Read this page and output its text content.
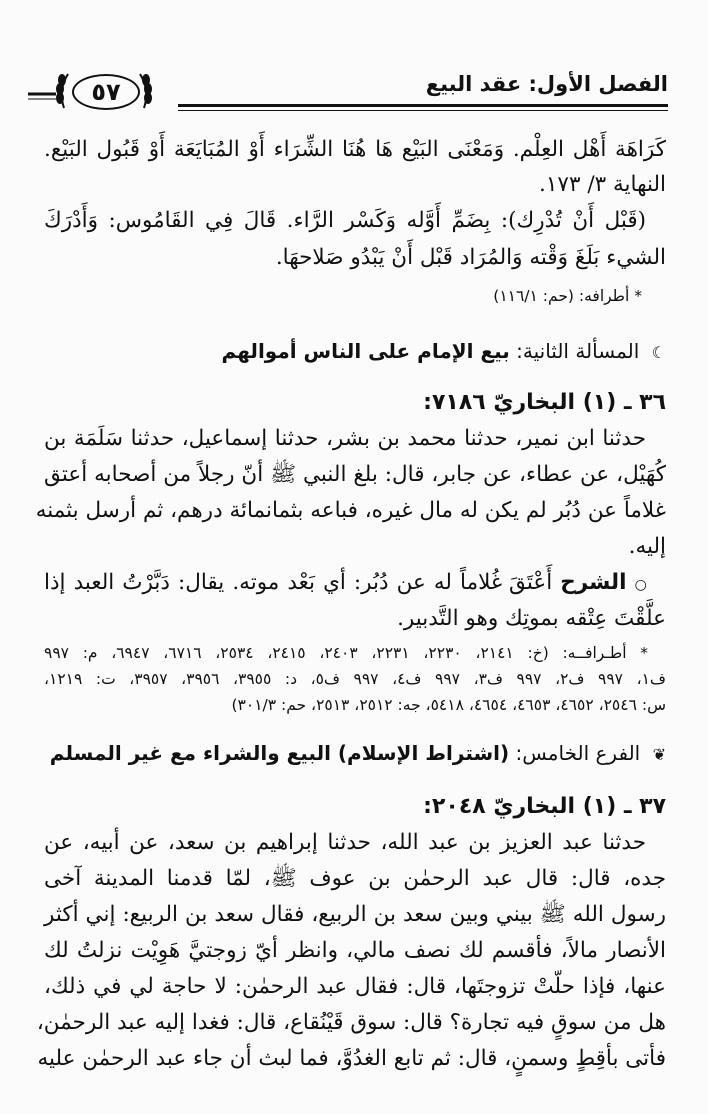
الفصل الأول: عقد البيع
٥٧
كَرَاهَة أَهْل العِلْم. وَمَعْنَى البَيْع هَا هُنَا الشِّرَاء أَوْ المُبَايَعَة أَوْ قَبُول البَيْع.
النهاية ٣/ ١٧٣.
(قَبْل أَنْ تُدْرِك): بِضَمِّ أَوَّله وَكَسْر الرَّاء. قَالَ فِي القَامُوس: وَأَدْرَكَ
الشيء بَلَغَ وَقْته وَالمُرَاد قَبْل أَنْ يَبْدُو صَلاحهَا.
* أطرافه: (حم: ١١٦/١)
☾ المسألة الثانية: بيع الإمام على الناس أموالهم
٣٦ ـ (١) البخاريّ ٧١٨٦:
حدثنا ابن نمير، حدثنا محمد بن بشر، حدثنا إسماعيل، حدثنا سَلَمَة بن
كُهَيْل، عن عطاء، عن جابر، قال: بلغ النبي ﷺ أنّ رجلاً من أصحابه أعتق
غلاماً عن دُبُر لم يكن له مال غيره، فباعه بثمانمائة درهم، ثم أرسل بثمنه
إليه.
○ الشرح أَعْتَقَ غُلاماً له عن دُبُر: أي بَعْد موته. يقال: دَبَّرْتُ العبد إذا
علَّقْتَ عِتْقه بموتِك وهو التَّدبير.
* أطـرافــه: (خ: ٢١٤١، ٢٢٣٠، ٢٢٣١، ٢٤٠٣، ٢٤١٥، ٢٥٣٤، ٦٧١٦، ٦٩٤٧، م: ٩٩٧
ف١، ٩٩٧ ف٢، ٩٩٧ ف٣، ٩٩٧ ف٤، ٩٩٧ ف٥، د: ٣٩٥٥، ٣٩٥٦، ٣٩٥٧، ت: ١٢١٩،
س: ٢٥٤٦، ٤٦٥٢، ٤٦٥٣، ٤٦٥٤، ٥٤١٨، جه: ٢٥١٢، ٢٥١٣، حم: ٣٠١/٣)
❦ الفرع الخامس: (اشتراط الإسلام) البيع والشراء مع غير المسلم
٣٧ ـ (١) البخاريّ ٢٠٤٨:
حدثنا عبد العزيز بن عبد الله، حدثنا إبراهيم بن سعد، عن أبيه، عن
جده، قال: قال عبد الرحمٰن بن عوف ﷺ، لمّا قدمنا المدينة آخى
رسول الله ﷺ بيني وبين سعد بن الربيع، فقال سعد بن الربيع: إني أكثر
الأنصار مالاً، فأقسم لك نصف مالي، وانظر أيّ زوجتيَّ هَوِيْت نزلتُ لك
عنها، فإذا حلّتْ تزوجتَها، قال: فقال عبد الرحمٰن: لا حاجة لي في ذلك،
هل من سوقٍ فيه تجارة؟ قال: سوق قَيْنُقاع، قال: فغدا إليه عبد الرحمٰن،
فأتى بأقِطٍ وسمنٍ، قال: ثم تابع الغدُوَّ، فما لبث أن جاء عبد الرحمٰن عليه
